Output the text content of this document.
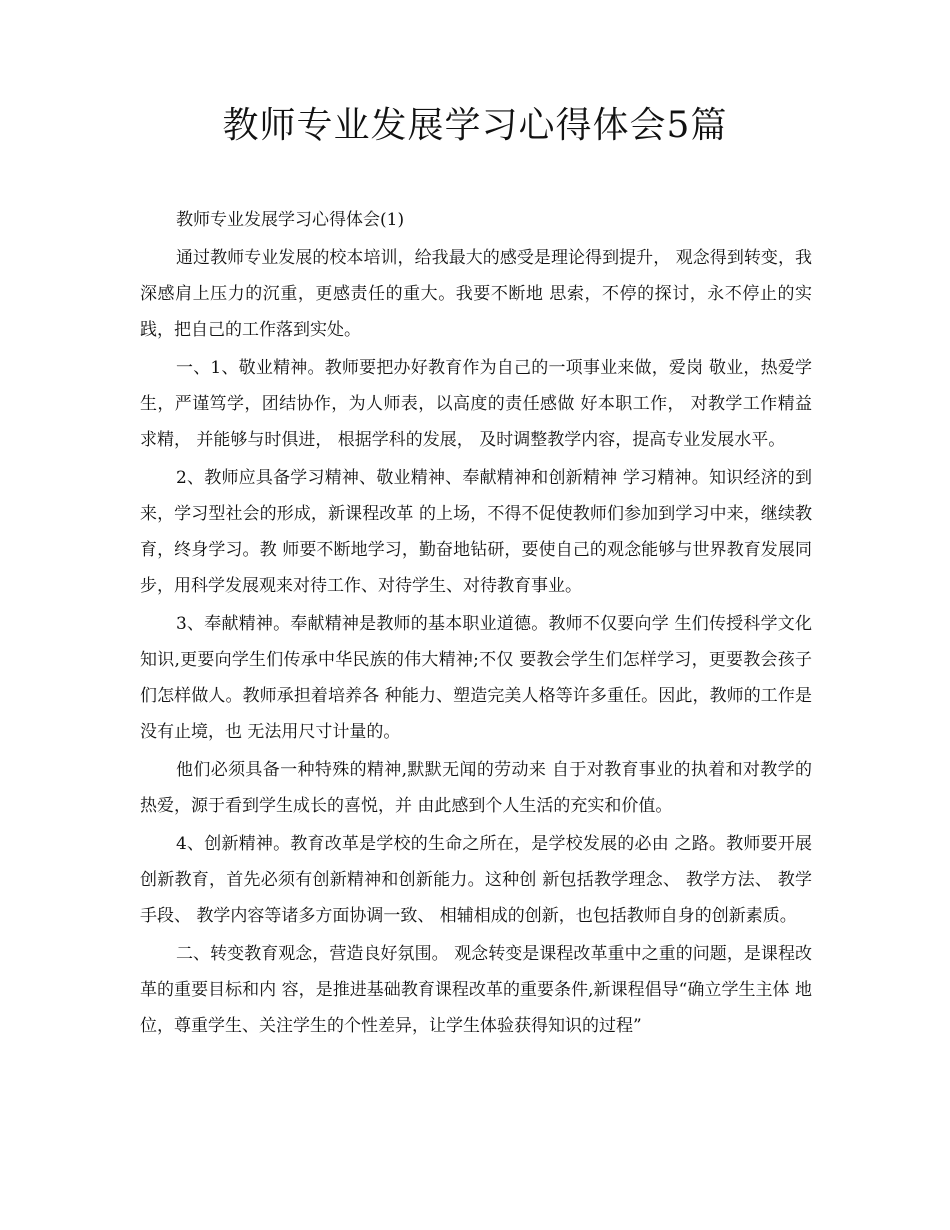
教师专业发展学习心得体会5篇

教师专业发展学习心得体会(1)

通过教师专业发展的校本培训，给我最大的感受是理论得到提升， 观念得到转变，我深感肩上压力的沉重，更感责任的重大。我要不断地 思索，不停的探讨，永不停止的实践，把自己的工作落到实处。

一、1、敬业精神。教师要把办好教育作为自己的一项事业来做，爱岗 敬业，热爱学生，严谨笃学，团结协作，为人师表，以高度的责任感做 好本职工作， 对教学工作精益求精， 并能够与时俱进， 根据学科的发展， 及时调整教学内容，提高专业发展水平。

2、教师应具备学习精神、敬业精神、奉献精神和创新精神 学习精神。知识经济的到来，学习型社会的形成，新课程改革 的上场，不得不促使教师们参加到学习中来，继续教育，终身学习。教 师要不断地学习，勤奋地钻研，要使自己的观念能够与世界教育发展同步，用科学发展观来对待工作、对待学生、对待教育事业。

3、奉献精神。奉献精神是教师的基本职业道德。教师不仅要向学 生们传授科学文化知识,更要向学生们传承中华民族的伟大精神;不仅 要教会学生们怎样学习，更要教会孩子们怎样做人。教师承担着培养各 种能力、塑造完美人格等许多重任。因此，教师的工作是没有止境，也 无法用尺寸计量的。

他们必须具备一种特殊的精神,默默无闻的劳动来 自于对教育事业的执着和对教学的热爱，源于看到学生成长的喜悦，并 由此感到个人生活的充实和价值。

4、创新精神。教育改革是学校的生命之所在，是学校发展的必由 之路。教师要开展创新教育，首先必须有创新精神和创新能力。这种创 新包括教学理念、 教学方法、 教学手段、 教学内容等诸多方面协调一致、 相辅相成的创新，也包括教师自身的创新素质。

二、转变教育观念，营造良好氛围。 观念转变是课程改革重中之重的问题，是课程改革的重要目标和内 容，是推进基础教育课程改革的重要条件,新课程倡导“确立学生主体 地位，尊重学生、关注学生的个性差异，让学生体验获得知识的过程”
